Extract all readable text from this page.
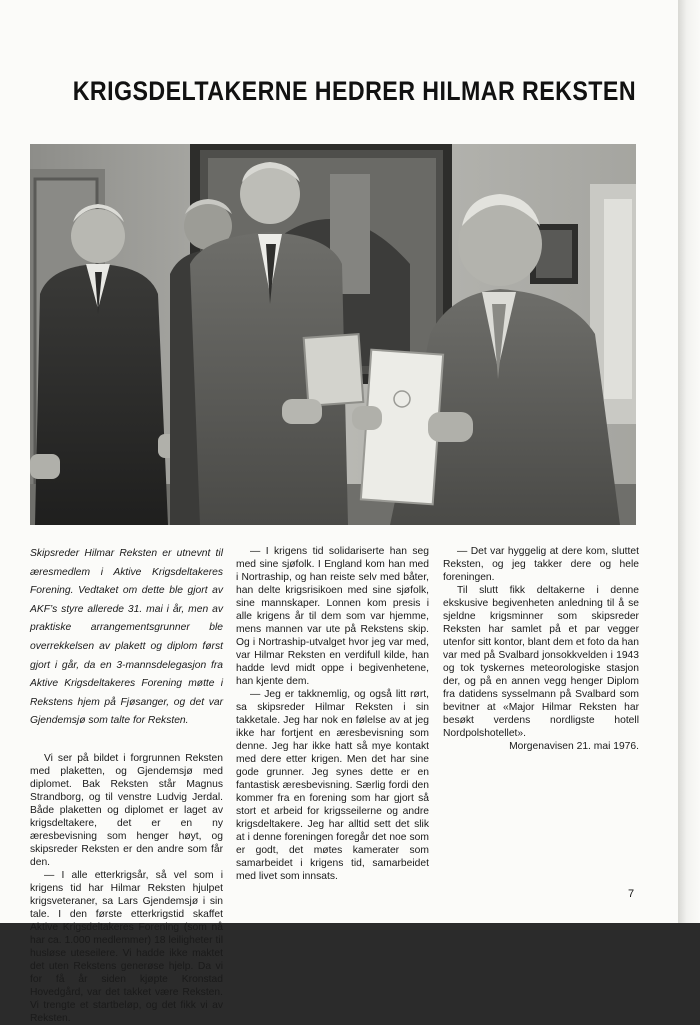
KRIGSDELTAKERNE HEDRER HILMAR REKSTEN

Skipsreder Hilmar Reksten er utnevnt til æresmedlem i Aktive Krigsdeltakeres Forening. Vedtaket om dette ble gjort av AKF’s styre allerede 31. mai i år, men av praktiske arrangementsgrunner ble overrekkelsen av plakett og diplom først gjort i går, da en 3-mannsdelegasjon fra Aktive Krigsdeltakeres Forening møtte i Rekstens hjem på Fjøsanger, og det var Gjendemsjø som talte for Reksten.

Vi ser på bildet i forgrunnen Reksten med plaketten, og Gjendemsjø med diplomet. Bak Reksten står Magnus Strandborg, og til venstre Ludvig Jerdal. Både plaketten og diplomet er laget av krigsdeltakere, det er en ny æresbevisning som henger høyt, og skipsreder Reksten er den andre som får den.

— I alle etterkrigsår, så vel som i krigens tid har Hilmar Reksten hjulpet krigsveteraner, sa Lars Gjendemsjø i sin tale. I den første etterkrigstid skaffet Aktive Krigsdeltakeres Forening (som nå har ca. 1.000 medlemmer) 18 leiligheter til husløse uteseilere. Vi hadde ikke maktet det uten Rekstens generøse hjelp. Da vi for få år siden kjøpte Kronstad Hovedgård, var det takket være Reksten. Vi trengte et startbeløp, og det fikk vi av Reksten.

— I krigens tid solidariserte han seg med sine sjøfolk. I England kom han med i Nortraship, og han reiste selv med båter, han delte krigsrisikoen med sine sjøfolk, sine mannskaper. Lonnen kom presis i alle krigens år til dem som var hjemme, mens mannen var ute på Rekstens skip. Og i Nortraship-utvalget hvor jeg var med, var Hilmar Reksten en verdifull kilde, han hadde levd midt oppe i begivenhetene, han kjente dem.

— Jeg er takknemlig, og også litt rørt, sa skipsreder Hilmar Reksten i sin takketale. Jeg har nok en følelse av at jeg ikke har fortjent en æresbevisning som denne. Jeg har ikke hatt så mye kontakt med dere etter krigen. Men det har sine gode grunner. Jeg synes dette er en fantastisk æresbevisning. Særlig fordi den kommer fra en forening som har gjort så stort et arbeid for krigsseilerne og andre krigsdeltakere. Jeg har alltid sett det slik at i denne foreningen foregår det noe som er godt, det møtes kamerater som samarbeidet i krigens tid, samarbeidet med livet som innsats.

— Det var hyggelig at dere kom, sluttet Reksten, og jeg takker dere og hele foreningen.

Til slutt fikk deltakerne i denne ekskusive begivenheten anledning til å se sjeldne krigsminner som skipsreder Reksten har samlet på et par vegger utenfor sitt kontor, blant dem et foto da han var med på Svalbard jonsokkvelden i 1943 og tok tyskernes meteorologiske stasjon der, og på en annen vegg henger Diplom fra datidens sysselmann på Svalbard som bevitner at «Major Hilmar Reksten har besøkt verdens nordligste hotell Nordpolshotellet».

Morgenavisen 21. mai 1976.

7
